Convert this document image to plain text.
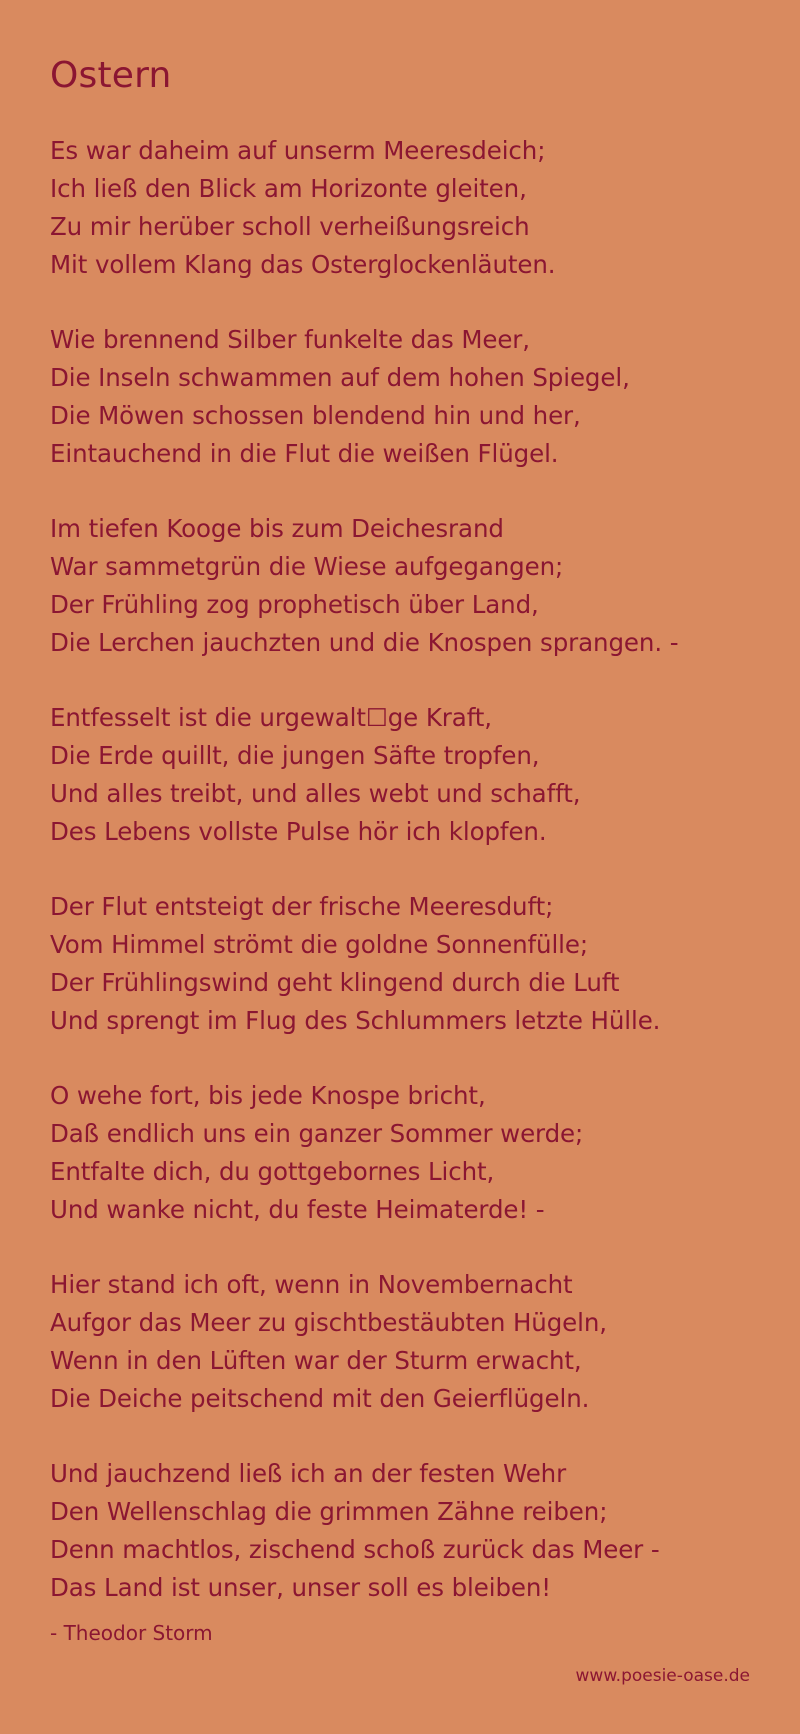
Ostern
Es war daheim auf unserm Meeresdeich;
Ich ließ den Blick am Horizonte gleiten,
Zu mir herüber scholl verheißungsreich
Mit vollem Klang das Osterglockenläuten.
Wie brennend Silber funkelte das Meer,
Die Inseln schwammen auf dem hohen Spiegel,
Die Möwen schossen blendend hin und her,
Eintauchend in die Flut die weißen Flügel.
Im tiefen Kooge bis zum Deichesrand
War sammetgrün die Wiese aufgegangen;
Der Frühling zog prophetisch über Land,
Die Lerchen jauchzten und die Knospen sprangen. -
Entfesselt ist die urgewalt☐ge Kraft,
Die Erde quillt, die jungen Säfte tropfen,
Und alles treibt, und alles webt und schafft,
Des Lebens vollste Pulse hör ich klopfen.
Der Flut entsteigt der frische Meeresduft;
Vom Himmel strömt die goldne Sonnenfülle;
Der Frühlingswind geht klingend durch die Luft
Und sprengt im Flug des Schlummers letzte Hülle.
O wehe fort, bis jede Knospe bricht,
Daß endlich uns ein ganzer Sommer werde;
Entfalte dich, du gottgebornes Licht,
Und wanke nicht, du feste Heimaterde! -
Hier stand ich oft, wenn in Novembernacht
Aufgor das Meer zu gischtbestäubten Hügeln,
Wenn in den Lüften war der Sturm erwacht,
Die Deiche peitschend mit den Geierflügeln.
Und jauchzend ließ ich an der festen Wehr
Den Wellenschlag die grimmen Zähne reiben;
Denn machtlos, zischend schoß zurück das Meer -
Das Land ist unser, unser soll es bleiben!
- Theodor Storm
www.poesie-oase.de
